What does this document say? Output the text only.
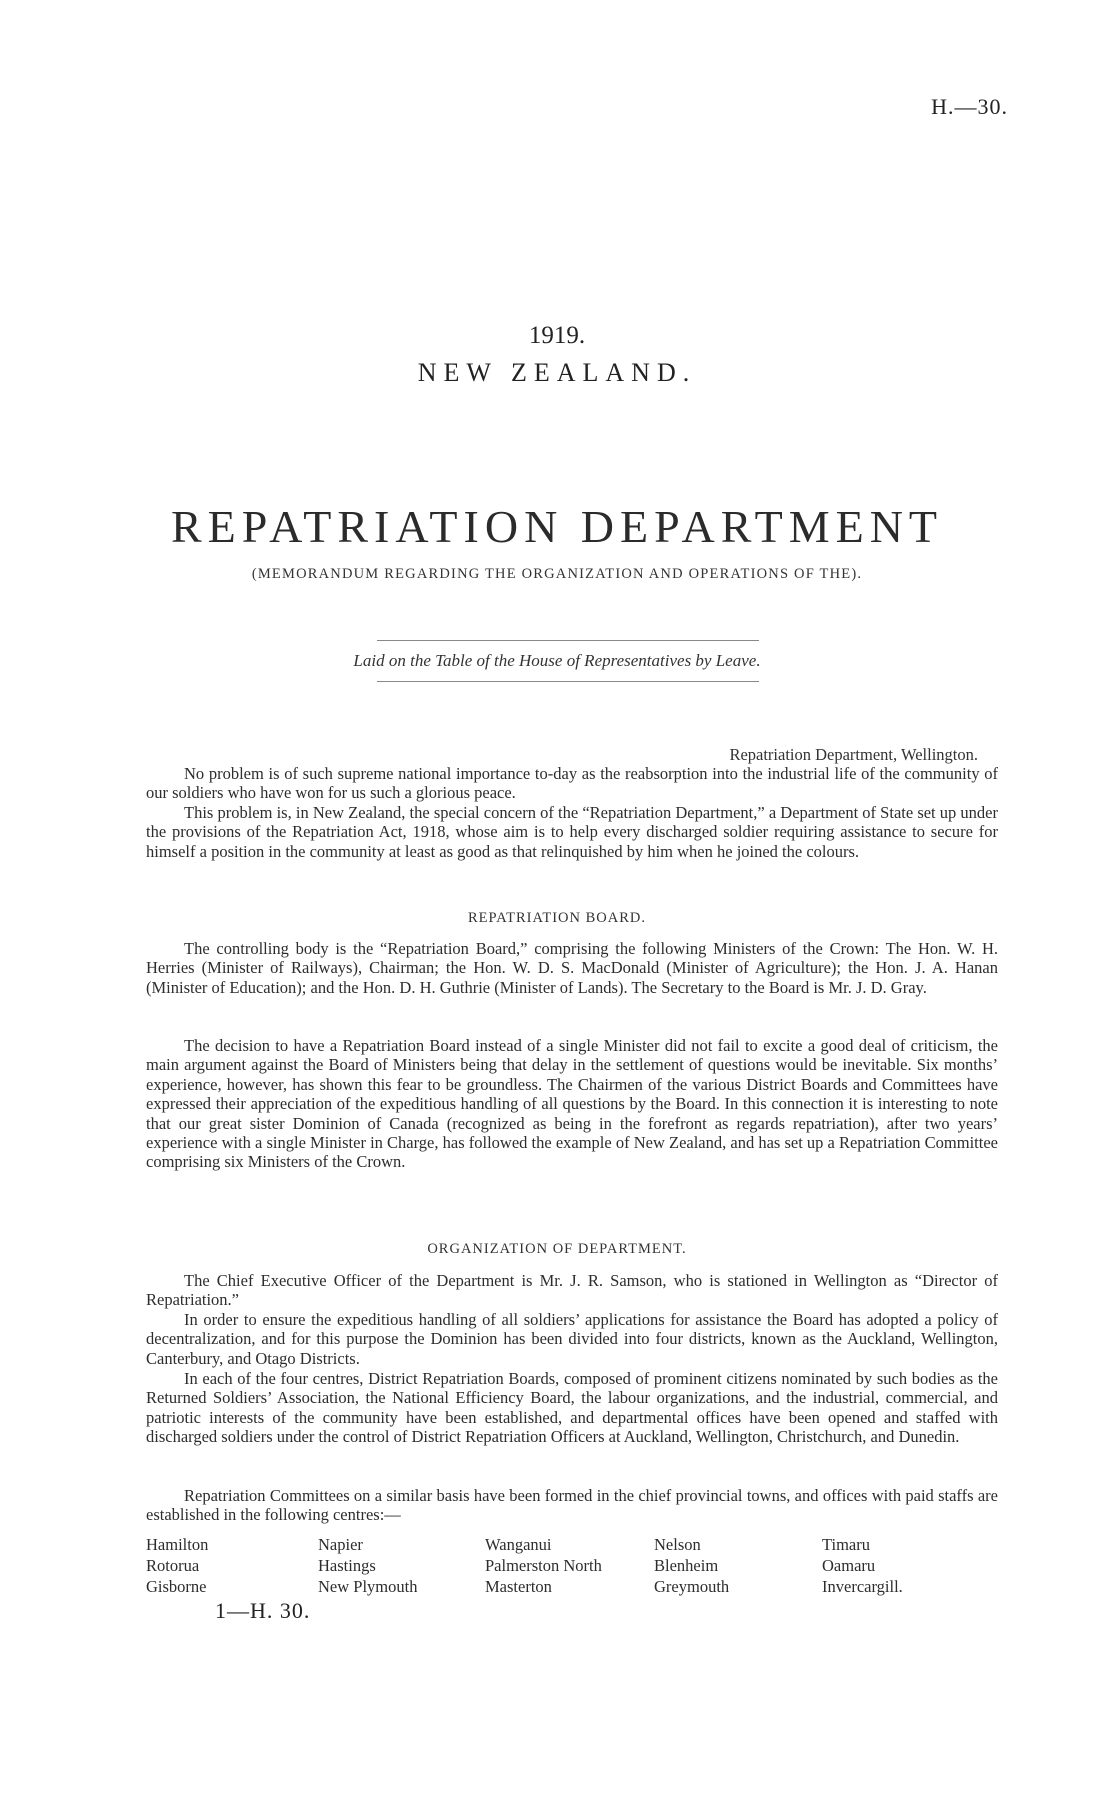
H.—30.
1919.
NEW ZEALAND.
REPATRIATION DEPARTMENT
(MEMORANDUM REGARDING THE ORGANIZATION AND OPERATIONS OF THE).
Laid on the Table of the House of Representatives by Leave.
Repatriation Department, Wellington.

No problem is of such supreme national importance to-day as the reabsorption into the industrial life of the community of our soldiers who have won for us such a glorious peace.

This problem is, in New Zealand, the special concern of the “Repatriation Department,” a Department of State set up under the provisions of the Repatriation Act, 1918, whose aim is to help every discharged soldier requiring assistance to secure for himself a position in the community at least as good as that relinquished by him when he joined the colours.

REPATRIATION BOARD.

The controlling body is the “Repatriation Board,” comprising the following Ministers of the Crown: The Hon. W. H. Herries (Minister of Railways), Chairman; the Hon. W. D. S. MacDonald (Minister of Agriculture); the Hon. J. A. Hanan (Minister of Education); and the Hon. D. H. Guthrie (Minister of Lands). The Secretary to the Board is Mr. J. D. Gray.

The decision to have a Repatriation Board instead of a single Minister did not fail to excite a good deal of criticism, the main argument against the Board of Ministers being that delay in the settlement of questions would be inevitable. Six months’ experience, however, has shown this fear to be groundless. The Chairmen of the various District Boards and Committees have expressed their appreciation of the expeditious handling of all questions by the Board. In this connection it is interesting to note that our great sister Dominion of Canada (recognized as being in the forefront as regards repatriation), after two years’ experience with a single Minister in Charge, has followed the example of New Zealand, and has set up a Repatriation Committee comprising six Ministers of the Crown.

ORGANIZATION OF DEPARTMENT.

The Chief Executive Officer of the Department is Mr. J. R. Samson, who is stationed in Wellington as “Director of Repatriation.”

In order to ensure the expeditious handling of all soldiers’ applications for assistance the Board has adopted a policy of decentralization, and for this purpose the Dominion has been divided into four districts, known as the Auckland, Wellington, Canterbury, and Otago Districts.

In each of the four centres, District Repatriation Boards, composed of prominent citizens nominated by such bodies as the Returned Soldiers’ Association, the National Efficiency Board, the labour organizations, and the industrial, commercial, and patriotic interests of the community have been established, and departmental offices have been opened and staffed with discharged soldiers under the control of District Repatriation Officers at Auckland, Wellington, Christchurch, and Dunedin.

Repatriation Committees on a similar basis have been formed in the chief provincial towns, and offices with paid staffs are established in the following centres:—

Hamilton
Rotorua
Gisborne
Napier
Hastings
New Plymouth
Wanganui
Palmerston North
Masterton
Nelson
Blenheim
Greymouth
Timaru
Oamaru
Invercargill.
1—H. 30.
